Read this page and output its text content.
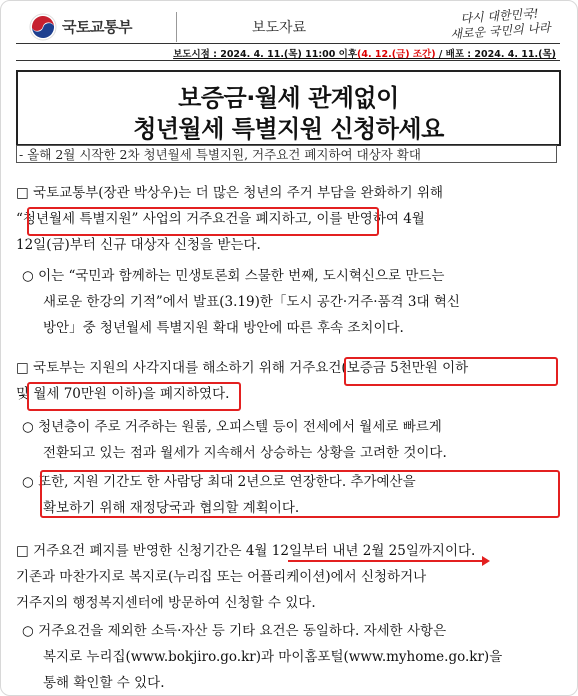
국토교통부	보도자료
다시 대한민국!
새로운 국민의 나라
보도시점 : 2024. 4. 11.(목) 11:00 이후(4. 12.(금) 조간) / 배포 : 2024. 4. 11.(목)
보증금·월세 관계없이
청년월세 특별지원 신청하세요
- 올해 2월 시작한 2차 청년월세 특별지원, 거주요건 폐지하여 대상자 확대
□ 국토교통부(장관 박상우)는 더 많은 청년의 주거 부담을 완화하기 위해
“청년월세 특별지원” 사업의 거주요건을 폐지하고, 이를 반영하여 4월
12일(금)부터 신규 대상자 신청을 받는다.
○ 이는 “국민과 함께하는 민생토론회 스물한 번째, 도시혁신으로 만드는
새로운 한강의 기적”에서 발표(3.19)한「도시 공간·거주·품격 3대 혁신
방안」중 청년월세 특별지원 확대 방안에 따른 후속 조치이다.
□ 국토부는 지원의 사각지대를 해소하기 위해 거주요건(보증금 5천만원 이하
및 월세 70만원 이하)을 폐지하였다.
○ 청년층이 주로 거주하는 원룸, 오피스텔 등이 전세에서 월세로 빠르게
전환되고 있는 점과 월세가 지속해서 상승하는 상황을 고려한 것이다.
○ 또한, 지원 기간도 한 사람당 최대 2년으로 연장한다. 추가예산을
확보하기 위해 재정당국과 협의할 계획이다.
□ 거주요건 폐지를 반영한 신청기간은 4월 12일부터 내년 2월 25일까지이다.
기존과 마찬가지로 복지로(누리집 또는 어플리케이션)에서 신청하거나
거주지의 행정복지센터에 방문하여 신청할 수 있다.
○ 거주요건을 제외한 소득·자산 등 기타 요건은 동일하다. 자세한 사항은
복지로 누리집(www.bokjiro.go.kr)과 마이홈포털(www.myhome.go.kr)을
통해 확인할 수 있다.
